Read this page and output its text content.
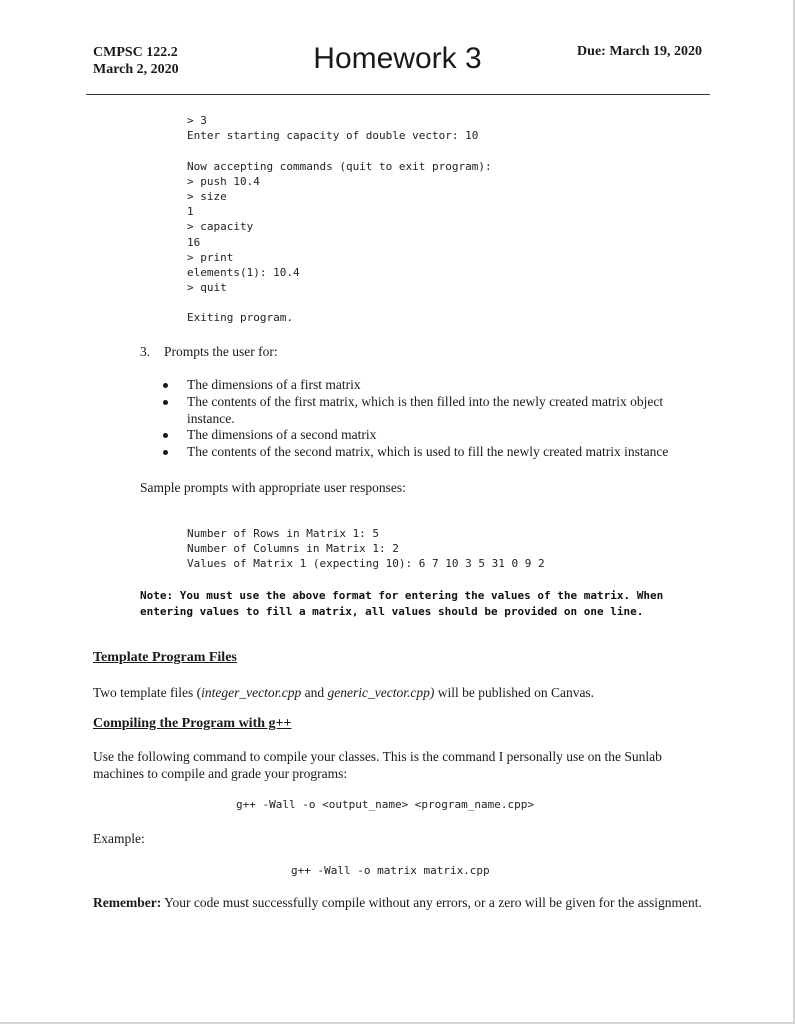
CMPSC 122.2
March 2, 2020	Homework 3	Due: March 19, 2020
> 3
Enter starting capacity of double vector: 10
Now accepting commands (quit to exit program):
> push 10.4
> size
1
> capacity
16
> print
elements(1): 10.4
> quit
Exiting program.
3. Prompts the user for:
The dimensions of a first matrix
The contents of the first matrix, which is then filled into the newly created matrix object instance.
The dimensions of a second matrix
The contents of the second matrix, which is used to fill the newly created matrix instance
Sample prompts with appropriate user responses:
Number of Rows in Matrix 1: 5
Number of Columns in Matrix 1: 2
Values of Matrix 1 (expecting 10): 6 7 10 3 5 31 0 9 2
Note: You must use the above format for entering the values of the matrix. When entering values to fill a matrix, all values should be provided on one line.
Template Program Files
Two template files (integer_vector.cpp and generic_vector.cpp) will be published on Canvas.
Compiling the Program with g++
Use the following command to compile your classes. This is the command I personally use on the Sunlab machines to compile and grade your programs:
g++ -Wall -o <output_name> <program_name.cpp>
Example:
g++ -Wall -o matrix matrix.cpp
Remember: Your code must successfully compile without any errors, or a zero will be given for the assignment.
